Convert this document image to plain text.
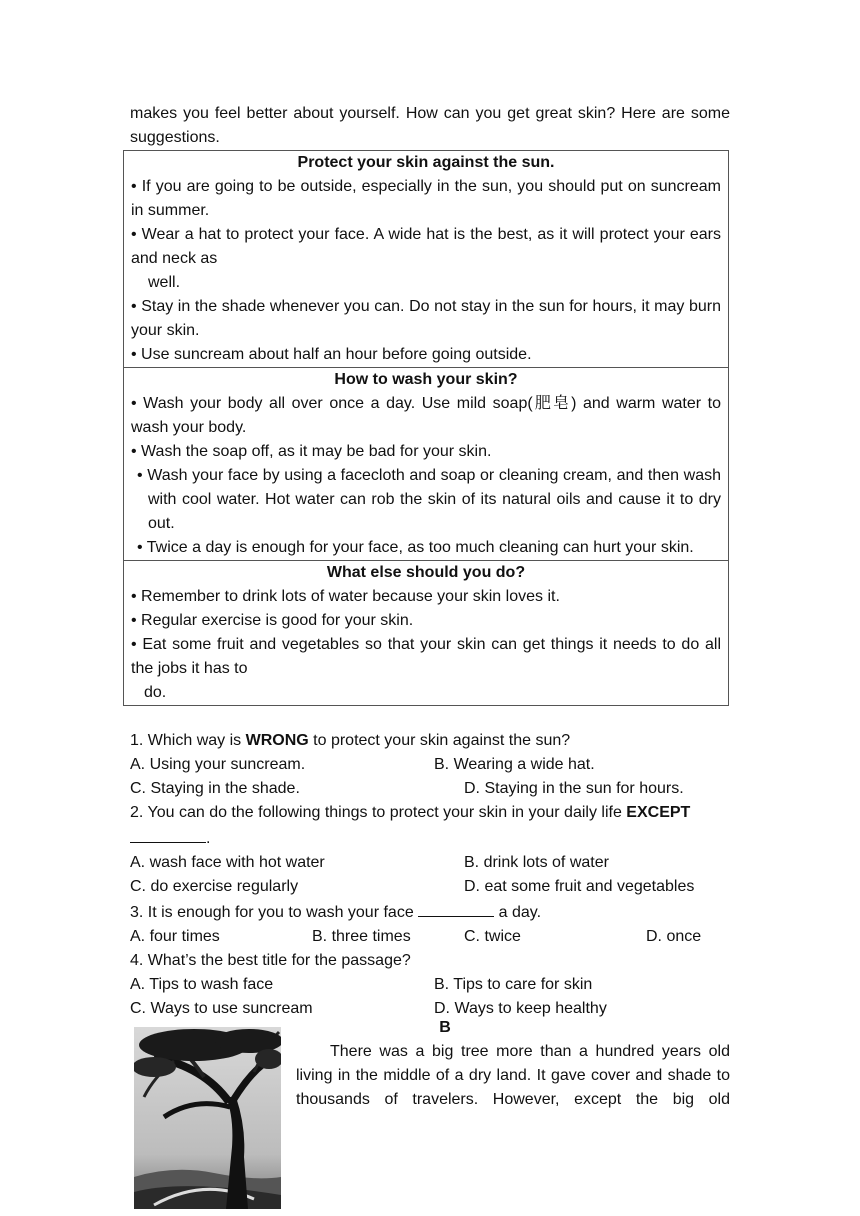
makes you feel better about yourself. How can you get great skin? Here are some suggestions.
Protect your skin against the sun.
• If you are going to be outside, especially in the sun, you should put on suncream in summer.
• Wear a hat to protect your face. A wide hat is the best, as it will protect your ears and neck as
well.
• Stay in the shade whenever you can. Do not stay in the sun for hours, it may burn your skin.
• Use suncream about half an hour before going outside.

How to wash your skin?
• Wash your body all over once a day. Use mild soap(肥皂) and warm water to wash your body.
• Wash the soap off, as it may be bad for your skin.
• Wash your face by using a facecloth and soap or cleaning cream, and then wash with cool water. Hot water can rob the skin of its natural oils and cause it to dry out.
• Twice a day is enough for your face, as too much cleaning can hurt your skin.

What else should you do?
• Remember to drink lots of water because your skin loves it.
• Regular exercise is good for your skin.
• Eat some fruit and vegetables so that your skin can get things it needs to do all the jobs it has to
do.
1. Which way is WRONG to protect your skin against the sun?
A. Using your suncream.	B. Wearing a wide hat.
C. Staying in the shade.	D. Staying in the sun for hours.
2. You can do the following things to protect your skin in your daily life EXCEPT
.
A. wash face with hot water	B. drink lots of water
C. do exercise regularly	D. eat some fruit and vegetables
3. It is enough for you to wash your face	a day.
A. four times	B. three times	C. twice	D. once
4. What’s the best title for the passage?
A. Tips to wash face	B. Tips to care for skin
C. Ways to use suncream	D. Ways to keep healthy
B
There was a big tree more than a hundred years old living in the middle of a dry land. It gave cover and shade to thousands of travelers. However, except the big old
